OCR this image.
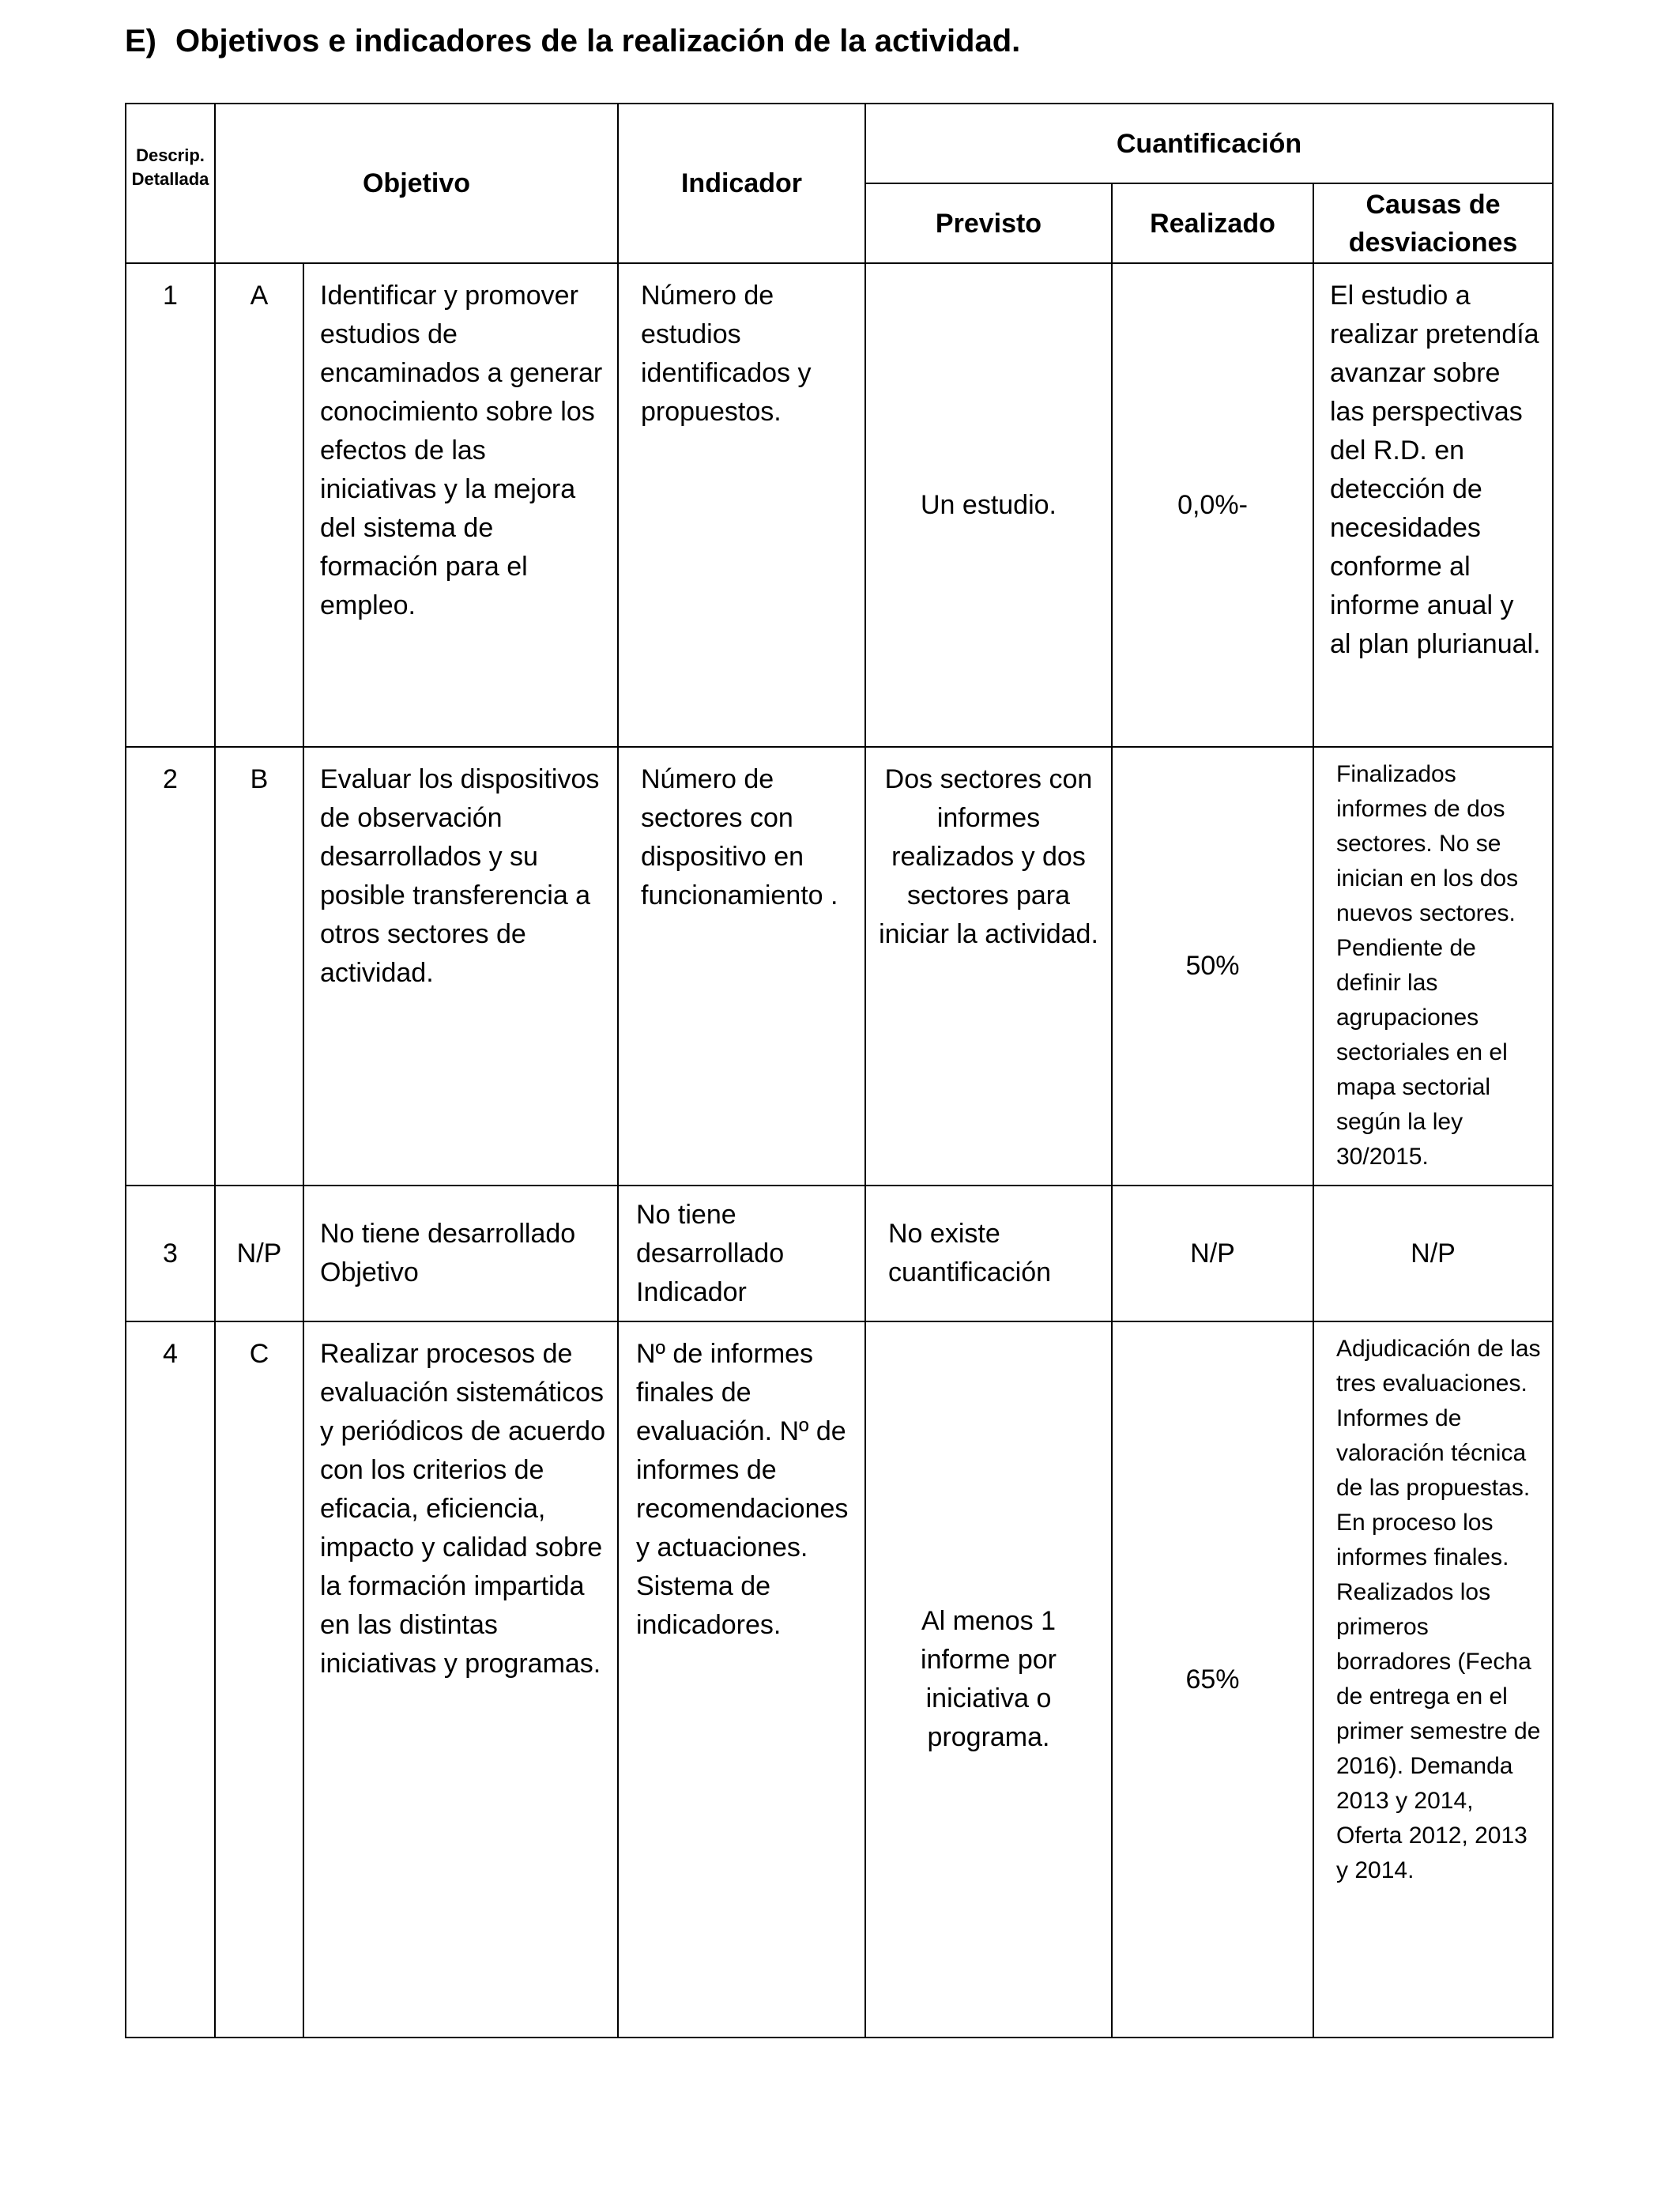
E) Objetivos e indicadores de la realización de la actividad.
Descrip. Detallada	Objetivo		Indicador	Cuantificación		
				Previsto	Realizado	Causas de desviaciones
1	A	Identificar y promover estudios de encaminados a generar conocimiento sobre los efectos de las iniciativas y la mejora del sistema de formación para el empleo.	Número de estudios identificados y propuestos.	Un estudio.	0,0%-	El estudio a realizar pretendía avanzar sobre las perspectivas del R.D. en detección de necesidades conforme al informe anual y al plan plurianual.
2	B	Evaluar los dispositivos de observación desarrollados y su posible transferencia a otros sectores de actividad.	Número de sectores con dispositivo en funcionamiento .	Dos sectores con informes realizados y dos sectores para iniciar la actividad.	50%	Finalizados informes de dos sectores. No se inician en los dos nuevos sectores. Pendiente de definir las agrupaciones sectoriales en el mapa sectorial según la ley 30/2015.
3	N/P	No tiene desarrollado Objetivo	No tiene desarrollado Indicador	No existe cuantificación	N/P	N/P
4	C	Realizar procesos de evaluación sistemáticos y periódicos de acuerdo con los criterios de eficacia, eficiencia, impacto y calidad sobre la formación impartida en las distintas iniciativas y programas.	Nº de informes finales de evaluación. Nº de informes de recomendaciones y actuaciones. Sistema de indicadores.	Al menos 1 informe por iniciativa o programa.	65%	Adjudicación de las tres evaluaciones. Informes de valoración técnica de las propuestas. En proceso los informes finales. Realizados los primeros borradores (Fecha de entrega en el primer semestre de 2016). Demanda 2013 y 2014, Oferta 2012, 2013 y 2014.
